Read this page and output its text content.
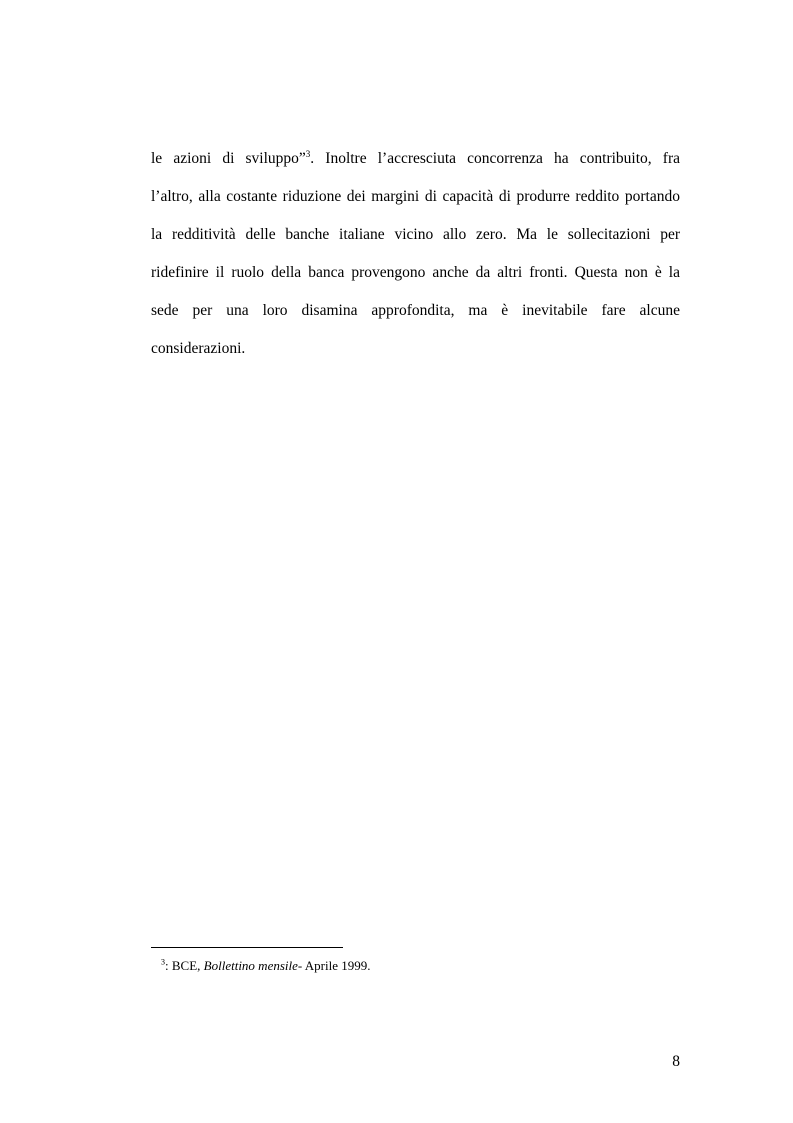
le azioni di sviluppo”$^3$. Inoltre l’accresciuta concorrenza ha contribuito, fra
l’altro, alla costante riduzione dei margini di capacità di produrre reddito portando
la redditività delle banche italiane vicino allo zero. Ma le sollecitazioni per
ridefinire il ruolo della banca provengono anche da altri fronti. Questa non è la
sede per una loro disamina approfondita, ma è inevitabile fare alcune
considerazioni.
$^3$: BCE, Bollettino mensile- Aprile 1999.
8
